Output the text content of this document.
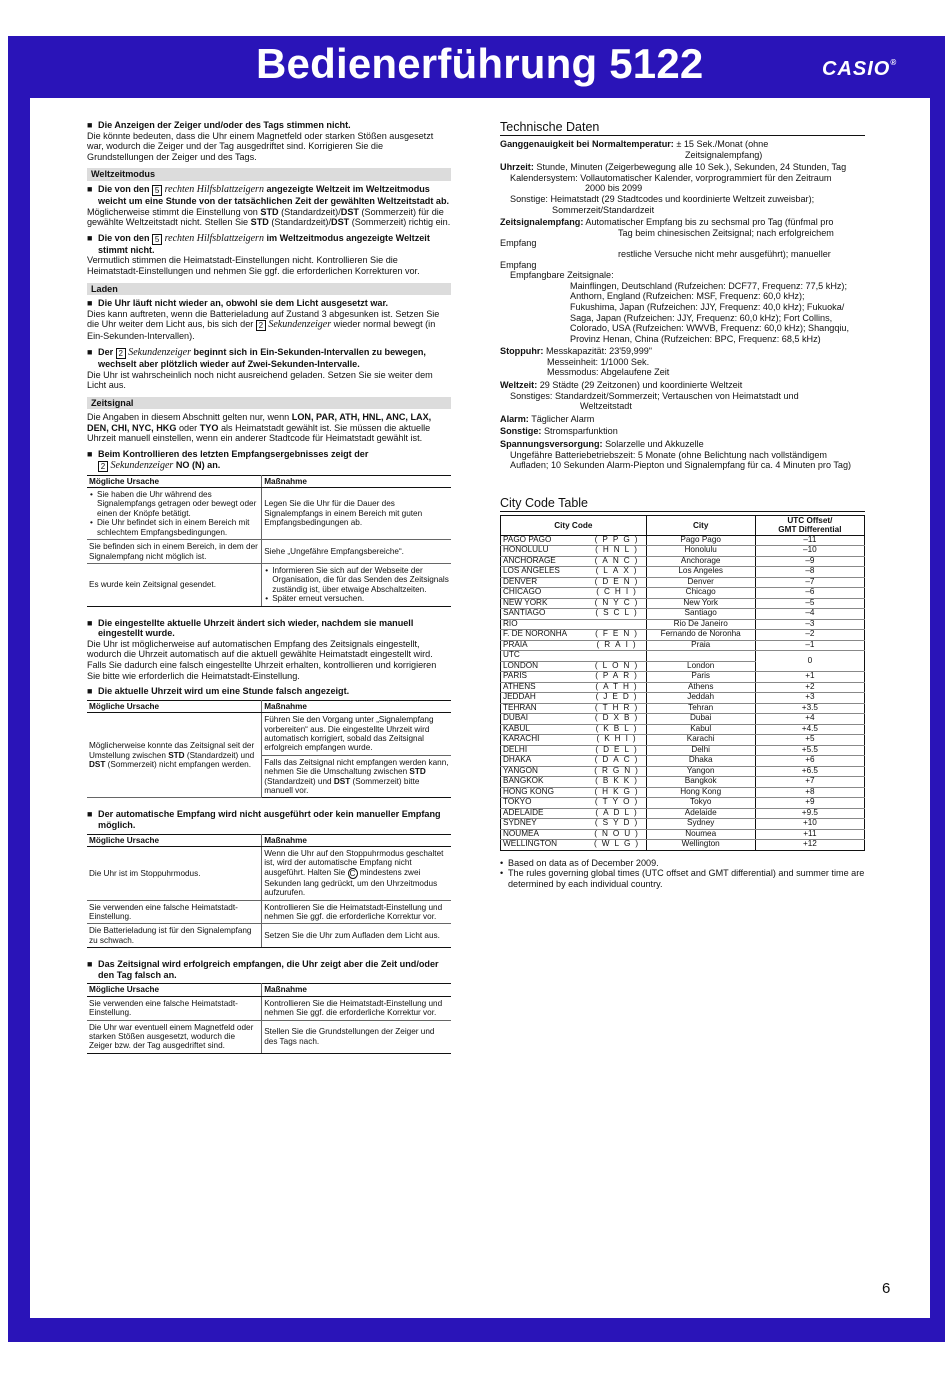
Bedienerführung 5122	CASIO®

■ Die Anzeigen der Zeiger und/oder des Tags stimmen nicht.

Die könnte bedeuten, dass die Uhr einem Magnetfeld oder starken Stößen ausgesetzt war, wodurch die Zeiger und der Tag ausgedriftet sind. Korrigieren Sie die Grundstellungen der Zeiger und des Tags.

Weltzeitmodus

■ Die von den 5 rechten Hilfsblattzeigern angezeigte Weltzeit im Weltzeitmodus weicht um eine Stunde von der tatsächlichen Zeit der gewählten Weltzeitstadt ab.

Möglicherweise stimmt die Einstellung von STD (Standardzeit)/DST (Sommerzeit) für die gewählte Weltzeitstadt nicht. Stellen Sie STD (Standardzeit)/DST (Sommerzeit) richtig ein.

■ Die von den 5 rechten Hilfsblattzeigern im Weltzeitmodus angezeigte Weltzeit stimmt nicht.

Vermutlich stimmen die Heimatstadt-Einstellungen nicht. Kontrollieren Sie die Heimatstadt-Einstellungen und nehmen Sie ggf. die erforderlichen Korrekturen vor.

Laden

■ Die Uhr läuft nicht wieder an, obwohl sie dem Licht ausgesetzt war.

Dies kann auftreten, wenn die Batterieladung auf Zustand 3 abgesunken ist. Setzen Sie die Uhr weiter dem Licht aus, bis sich der 2 Sekundenzeiger wieder normal bewegt (in Ein-Sekunden-Intervallen).

■ Der 2 Sekundenzeiger beginnt sich in Ein-Sekunden-Intervallen zu bewegen, wechselt aber plötzlich wieder auf Zwei-Sekunden-Intervalle.

Die Uhr ist wahrscheinlich noch nicht ausreichend geladen. Setzen Sie sie weiter dem Licht aus.

Zeitsignal

Die Angaben in diesem Abschnitt gelten nur, wenn LON, PAR, ATH, HNL, ANC, LAX, DEN, CHI, NYC, HKG oder TYO als Heimatstadt gewählt ist. Sie müssen die aktuelle Uhrzeit manuell einstellen, wenn ein anderer Stadtcode für Heimatstadt gewählt ist.

■ Beim Kontrollieren des letzten Empfangsergebnisses zeigt der
2 Sekundenzeiger NO (N) an.

Mögliche Ursache	Maßnahme

• Sie haben die Uhr während des Signalempfangs getragen oder bewegt oder einen der Knöpfe betätigt.
• Die Uhr befindet sich in einem Bereich mit schlechtem Empfangsbedingungen.	Legen Sie die Uhr für die Dauer des Signalempfangs in einem Bereich mit guten Empfangsbedingungen ab.
Sie befinden sich in einem Bereich, in dem der Signalempfang nicht möglich ist.	Siehe „Ungefähre Empfangsbereiche“.
Es wurde kein Zeitsignal gesendet.	• Informieren Sie sich auf der Webseite der Organisation, die für das Senden des Zeitsignals zuständig ist, über etwaige Abschaltzeiten.
• Später erneut versuchen.

■ Die eingestellte aktuelle Uhrzeit ändert sich wieder, nachdem sie manuell eingestellt wurde.

Die Uhr ist möglicherweise auf automatischen Empfang des Zeitsignals eingestellt, wodurch die Uhrzeit automatisch auf die aktuell gewählte Heimatstadt eingestellt wird. Falls Sie dadurch eine falsch eingestellte Uhrzeit erhalten, kontrollieren und korrigieren Sie bitte wie erforderlich die Heimatstadt-Einstellung.

■ Die aktuelle Uhrzeit wird um eine Stunde falsch angezeigt.

Mögliche Ursache	Maßnahme
Möglicherweise konnte das Zeitsignal seit der Umstellung zwischen STD (Standardzeit) und DST (Sommerzeit) nicht empfangen werden.	Führen Sie den Vorgang unter „Signalempfang vorbereiten“ aus. Die eingestellte Uhrzeit wird automatisch korrigiert, sobald das Zeitsignal erfolgreich empfangen wurde.
	Falls das Zeitsignal nicht empfangen werden kann, nehmen Sie die Umschaltung zwischen STD (Standardzeit) und DST (Sommerzeit) bitte manuell vor.

■ Der automatische Empfang wird nicht ausgeführt oder kein manueller Empfang möglich.

Mögliche Ursache	Maßnahme
Die Uhr ist im Stoppuhrmodus.	Wenn die Uhr auf den Stoppuhrmodus geschaltet ist, wird der automatische Empfang nicht ausgeführt. Halten Sie C mindestens zwei Sekunden lang gedrückt, um den Uhrzeitmodus aufzurufen.
Sie verwenden eine falsche Heimatstadt-Einstellung.	Kontrollieren Sie die Heimatstadt-Einstellung und nehmen Sie ggf. die erforderliche Korrektur vor.
Die Batterieladung ist für den Signalempfang zu schwach.	Setzen Sie die Uhr zum Aufladen dem Licht aus.

■ Das Zeitsignal wird erfolgreich empfangen, die Uhr zeigt aber die Zeit und/oder den Tag falsch an.

Mögliche Ursache	Maßnahme
Sie verwenden eine falsche Heimatstadt-Einstellung.	Kontrollieren Sie die Heimatstadt-Einstellung und nehmen Sie ggf. die erforderliche Korrektur vor.
Die Uhr war eventuell einem Magnetfeld oder starken Stößen ausgesetzt, wodurch die Zeiger bzw. der Tag ausgedriftet sind.	Stellen Sie die Grundstellungen der Zeiger und des Tags nach.
Technische Daten

Ganggenauigkeit bei Normaltemperatur: ± 15 Sek./Monat (ohne
Zeitsignalempfang)

Uhrzeit: Stunde, Minuten (Zeigerbewegung alle 10 Sek.), Sekunden, 24 Stunden, Tag
Kalendersystem: Vollautomatischer Kalender, vorprogrammiert für den Zeitraum
2000 bis 2099
Sonstige: Heimatstadt (29 Stadtcodes und koordinierte Weltzeit zuweisbar);
Sommerzeit/Standardzeit

Zeitsignalempfang: Automatischer Empfang bis zu sechsmal pro Tag (fünfmal pro
Tag beim chinesischen Zeitsignal; nach erfolgreichem Empfang
restliche Versuche nicht mehr ausgeführt); manueller Empfang
Empfangbare Zeitsignale:
Mainflingen, Deutschland (Rufzeichen: DCF77, Frequenz: 77,5 kHz);
Anthorn, England (Rufzeichen: MSF, Frequenz: 60,0 kHz);
Fukushima, Japan (Rufzeichen: JJY, Frequenz: 40,0 kHz); Fukuoka/
Saga, Japan (Rufzeichen: JJY, Frequenz: 60,0 kHz); Fort Collins,
Colorado, USA (Rufzeichen: WWVB, Frequenz: 60,0 kHz); Shangqiu,
Provinz Henan, China (Rufzeichen: BPC, Frequenz: 68,5 kHz)

Stoppuhr: Messkapazität: 23'59,999"
Messeinheit: 1/1000 Sek.
Messmodus: Abgelaufene Zeit

Weltzeit: 29 Städte (29 Zeitzonen) und koordinierte Weltzeit
Sonstiges: Standardzeit/Sommerzeit; Vertauschen von Heimatstadt und
Weltzeitstadt

Alarm: Täglicher Alarm

Sonstige: Stromsparfunktion

Spannungsversorgung: Solarzelle und Akkuzelle

Ungefähre Batteriebetriebszeit: 5 Monate (ohne Belichtung nach vollständigem Aufladen; 10 Sekunden Alarm-Piepton und Signalempfang für ca. 4 Minuten pro Tag)

City Code Table
City Code		City	UTC Offset/
GMT Differential
PAGO PAGO	(PPG)	Pago Pago	–11
HONOLULU	(HNL)	Honolulu	–10
ANCHORAGE	(ANC)	Anchorage	–9
LOS ANGELES	(LAX)	Los Angeles	–8
DENVER	(DEN)	Denver	–7
CHICAGO	(CHI)	Chicago	–6
NEW YORK	(NYC)	New York	–5
SANTIAGO	(SCL)	Santiago	–4
RIO		Rio De Janeiro	–3
F. DE NORONHA	(FEN)	Fernando de Noronha	–2
PRAIA	(RAI)	Praia	–1
UTC			0
LONDON	(LON)	London	
PARIS	(PAR)	Paris	+1
ATHENS	(ATH)	Athens	+2
JEDDAH	(JED)	Jeddah	+3
TEHRAN	(THR)	Tehran	+3.5
DUBAI	(DXB)	Dubai	+4
KABUL	(KBL)	Kabul	+4.5
KARACHI	(KHI)	Karachi	+5
DELHI	(DEL)	Delhi	+5.5
DHAKA	(DAC)	Dhaka	+6
YANGON	(RGN)	Yangon	+6.5
BANGKOK	(BKK)	Bangkok	+7
HONG KONG	(HKG)	Hong Kong	+8
TOKYO	(TYO)	Tokyo	+9
ADELAIDE	(ADL)	Adelaide	+9.5
SYDNEY	(SYD)	Sydney	+10
NOUMEA	(NOU)	Noumea	+11
WELLINGTON	(WLG)	Wellington	+12

• Based on data as of December 2009.

• The rules governing global times (UTC offset and GMT differential) and summer time are determined by each individual country.

6
